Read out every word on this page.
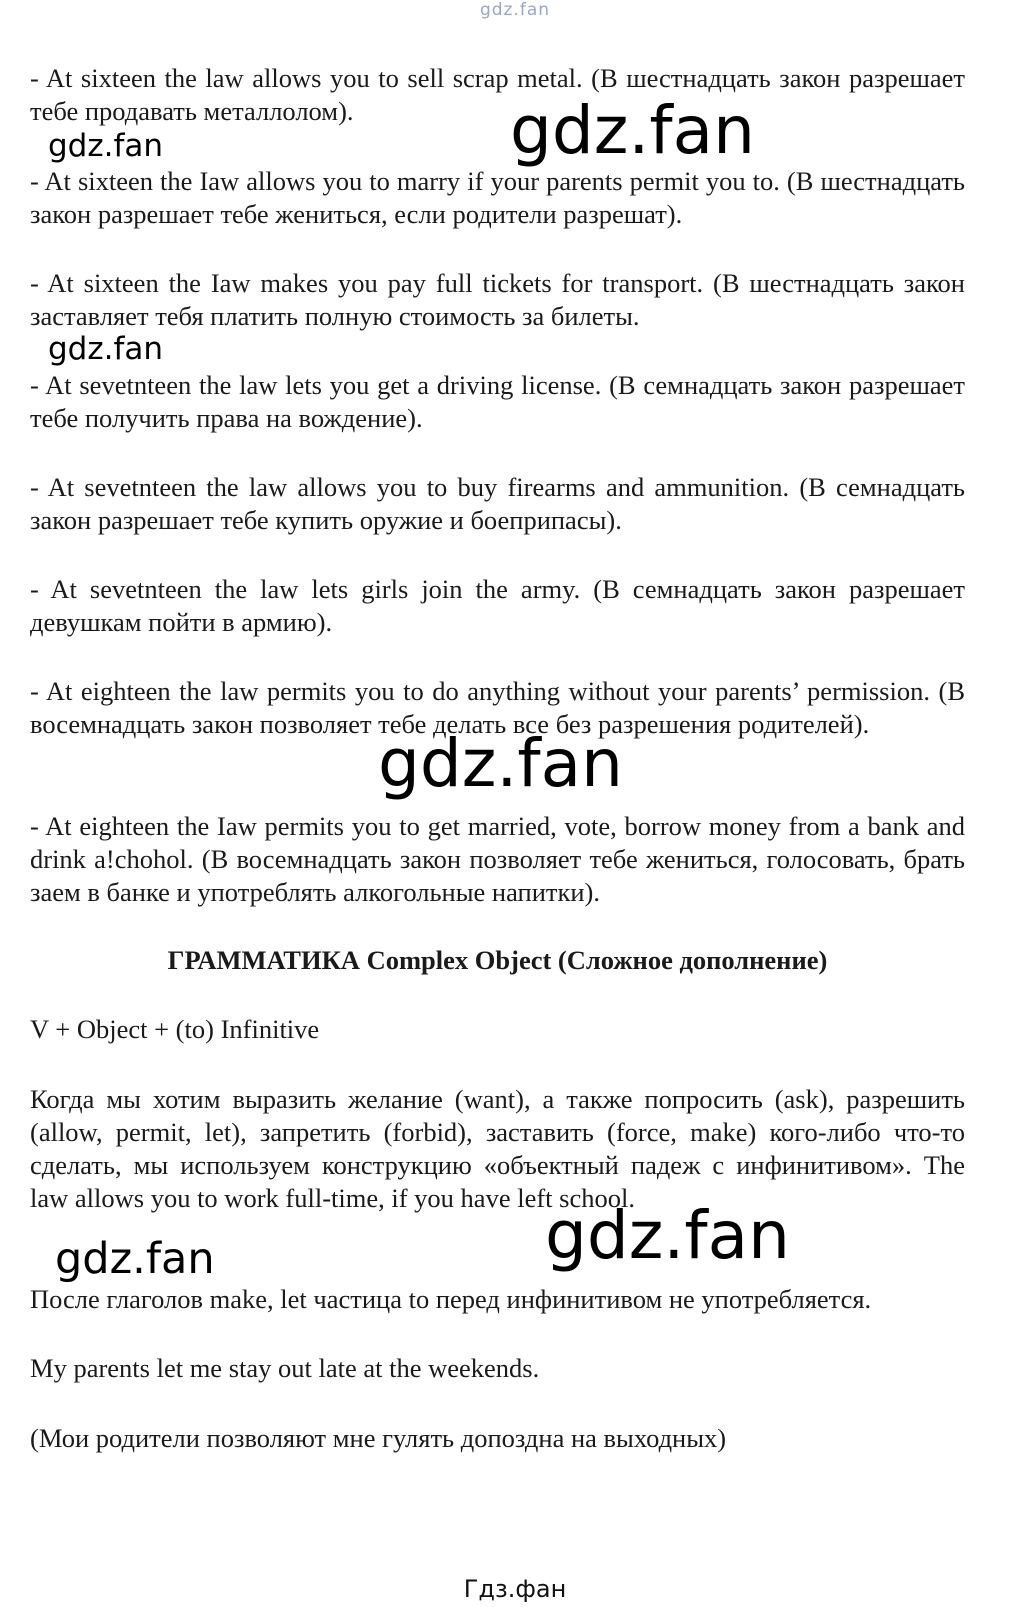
gdz.fan

- At sixteen the law allows you to sell scrap metal. (В шестнадцать закон разрешает тебе продавать металлолом).

- At sixteen the Iaw allows you to marry if your parents permit you to. (В шестнадцать закон разрешает тебе жениться, если родители разрешат).

- At sixteen the Iaw makes you pay full tickets for transport. (В шестнадцать закон заставляет тебя платить полную стоимость за билеты.

- At sevetnteen the law lets you get a driving license. (В семнадцать закон разрешает тебе получить права на вождение).

- At sevetnteen the law allows you to buy firearms and ammunition. (В семнадцать закон разрешает тебе купить оружие и боеприпасы).

- At sevetnteen the law lets girls join the army. (В семнадцать закон разрешает девушкам пойти в армию).

- At eighteen the law permits you to do anything without your parents’ permission. (В восемнадцать закон позволяет тебе делать все без разрешения родителей).

- At eighteen the Iaw permits you to get married, vote, borrow money from a bank and drink a!chohol. (В восемнадцать закон позволяет тебе жениться, голосовать, брать заем в банке и употреблять алкогольные напитки).

ГРАММАТИКА Complex Object (Сложное дополнение)

V + Object + (to) Infinitive

Когда мы хотим выразить желание (want), а также попросить (ask), разрешить (allow, permit, let), запретить (forbid), заставить (force, make) кого-либо что-то сделать, мы используем конструкцию «объектный падеж с инфинитивом». The law allows you to work full-time, if you have left school.

После глаголов make, let частица to перед инфинитивом не употребляется.

My parents let me stay out late at the weekends.

(Мои родители позволяют мне гулять допоздна на выходных)

gdz.fan
gdz.fan
gdz.fan
gdz.fan
gdz.fan
gdz.fan
Гдз.фан
